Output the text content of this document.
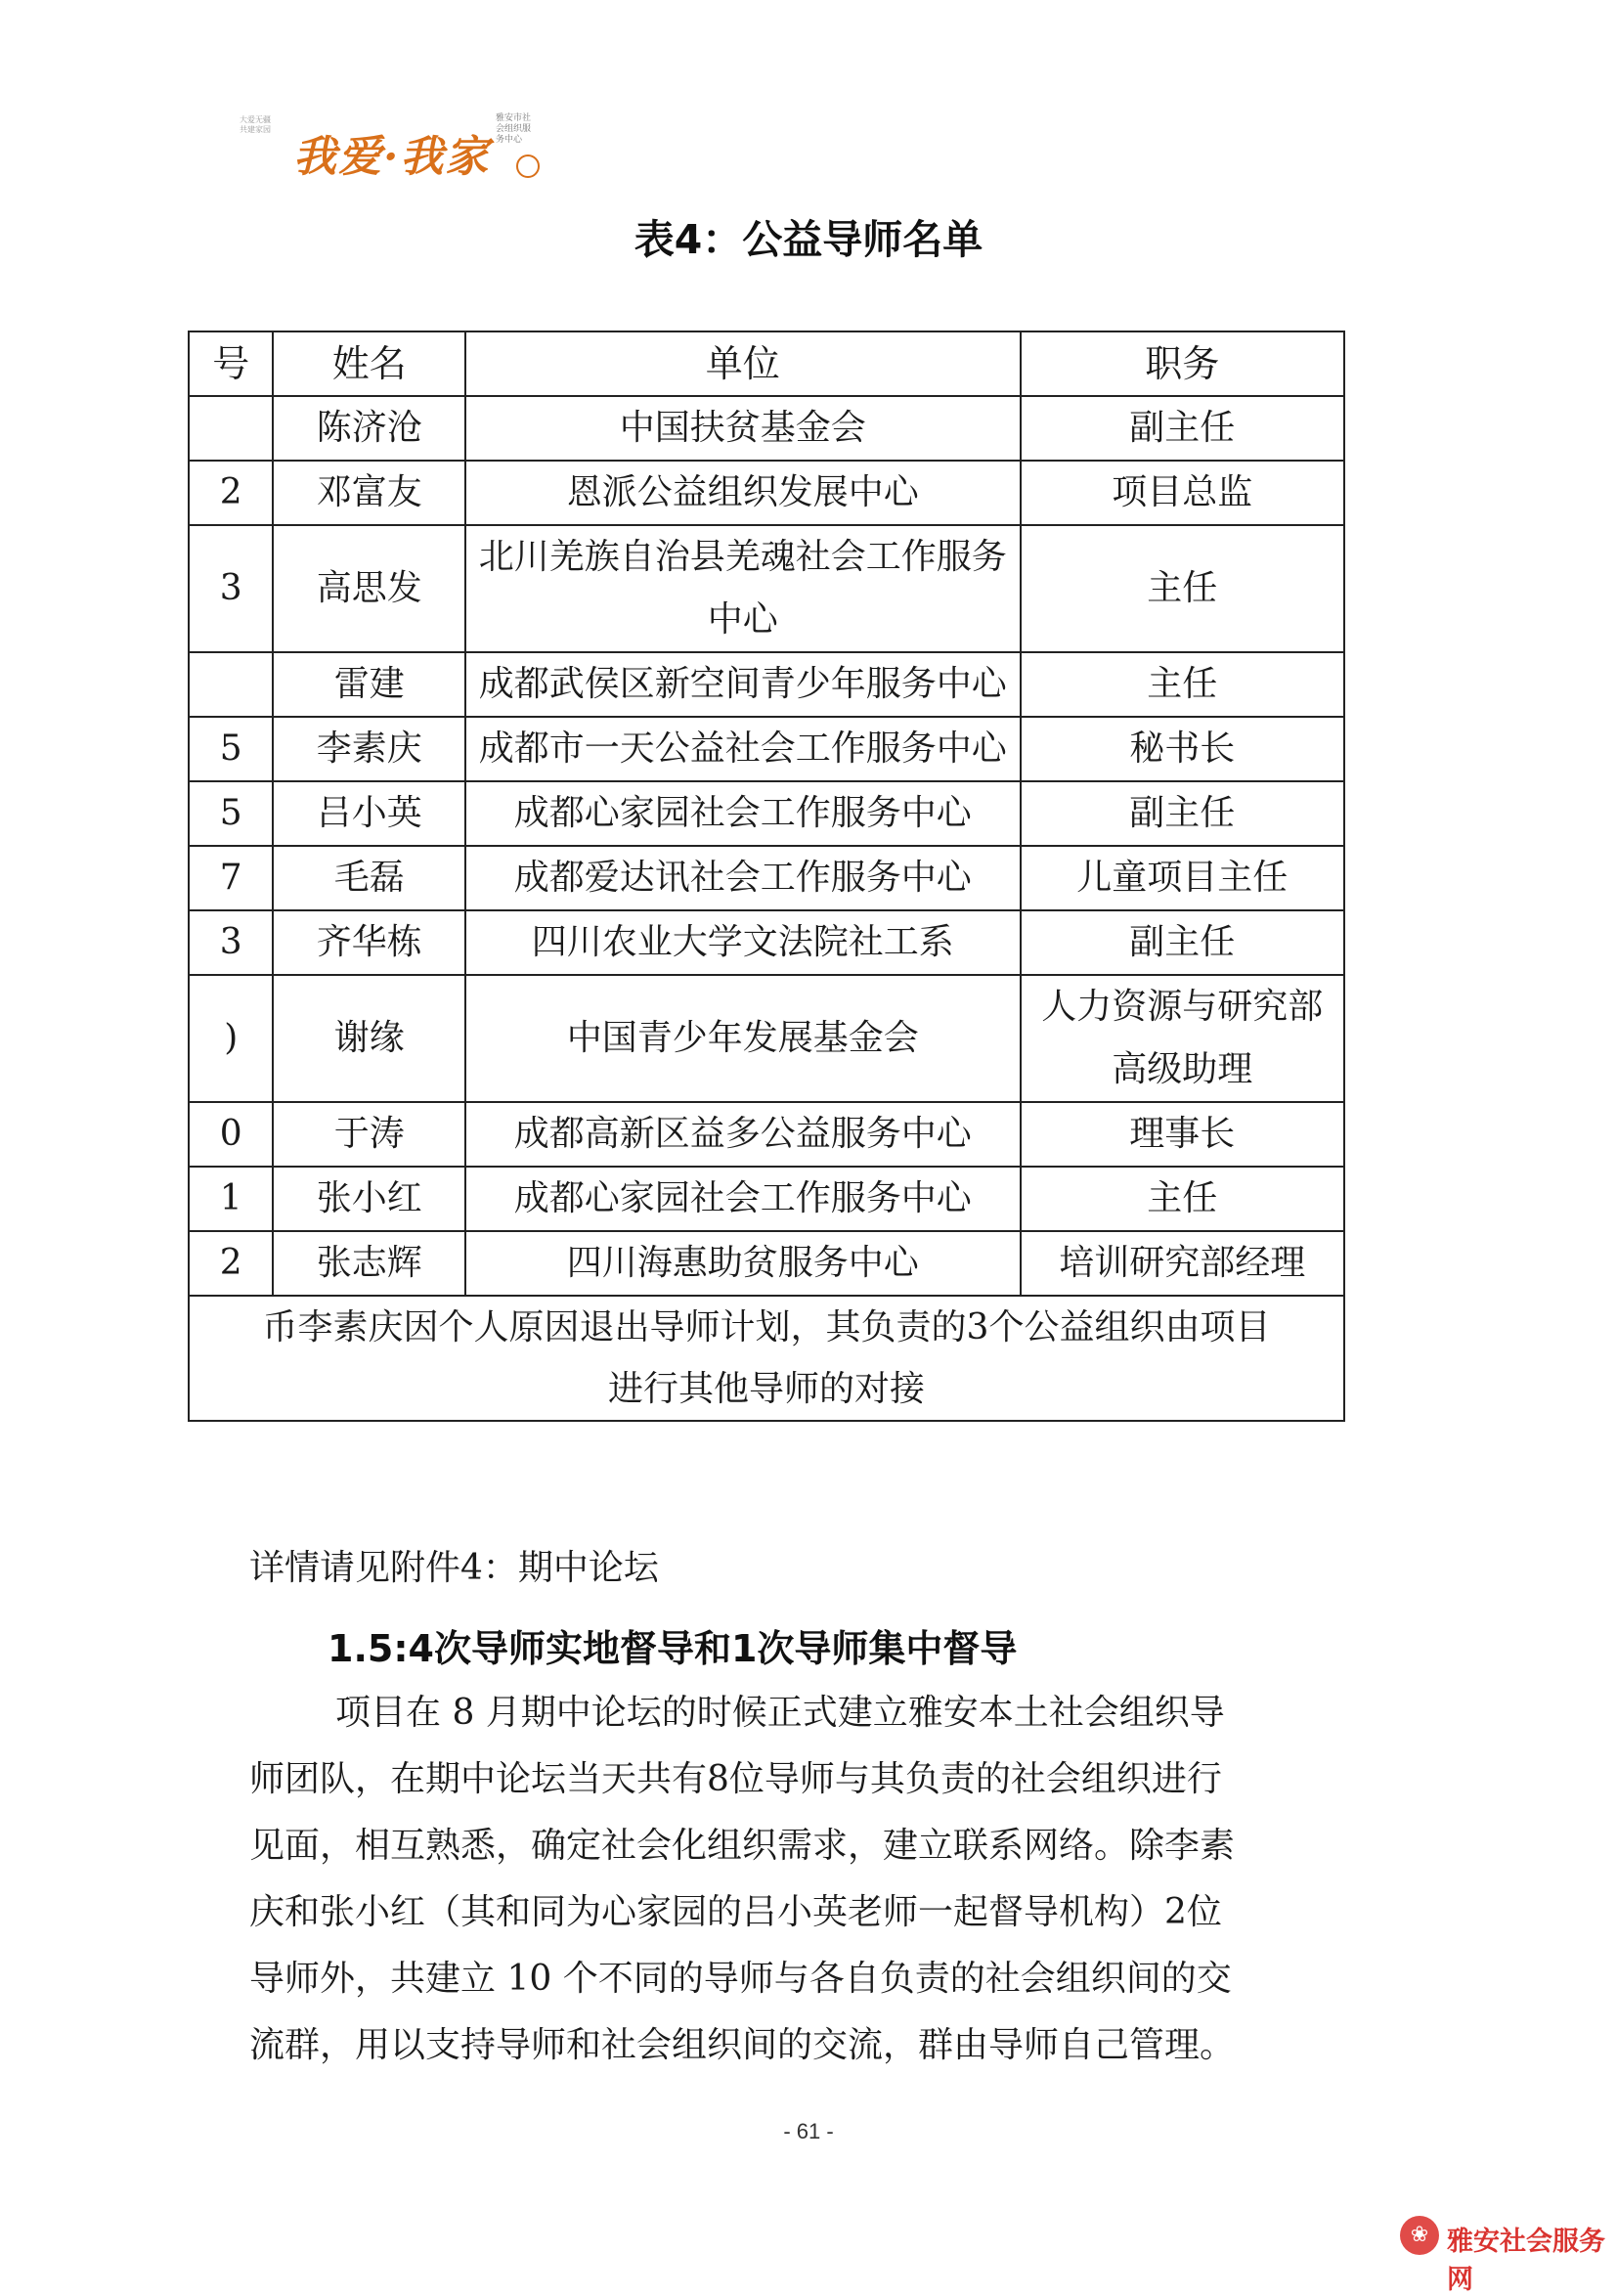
大爱无疆 共建家园
我爱·我家
雅安市社会组织服务中心
表4：公益导师名单
号	姓名	单位	职务
	陈济沧	中国扶贫基金会	副主任
2	邓富友	恩派公益组织发展中心	项目总监
3	高思发	北川羌族自治县羌魂社会工作服务中心	主任
	雷建	成都武侯区新空间青少年服务中心	主任
5	李素庆	成都市一天公益社会工作服务中心	秘书长
5	吕小英	成都心家园社会工作服务中心	副主任
7	毛磊	成都爱达讯社会工作服务中心	儿童项目主任
3	齐华栋	四川农业大学文法院社工系	副主任
)	谢缘	中国青少年发展基金会	人力资源与研究部高级助理
0	于涛	成都高新区益多公益服务中心	理事长
1	张小红	成都心家园社会工作服务中心	主任
2	张志辉	四川海惠助贫服务中心	培训研究部经理

币李素庆因个人原因退出导师计划，其负责的3个公益组织由项目
进行其他导师的对接			
详情请见附件4：期中论坛
1.5:4次导师实地督导和1次导师集中督导

项目在 8 月期中论坛的时候正式建立雅安本土社会组织导

师团队，在期中论坛当天共有8位导师与其负责的社会组织进行

见面，相互熟悉，确定社会化组织需求，建立联系网络。除李素

庆和张小红（其和同为心家园的吕小英老师一起督导机构）2位

导师外，共建立 10 个不同的导师与各自负责的社会组织间的交

流群，用以支持导师和社会组织间的交流，群由导师自己管理。

- 61 -
❀ 雅安社会服务网
